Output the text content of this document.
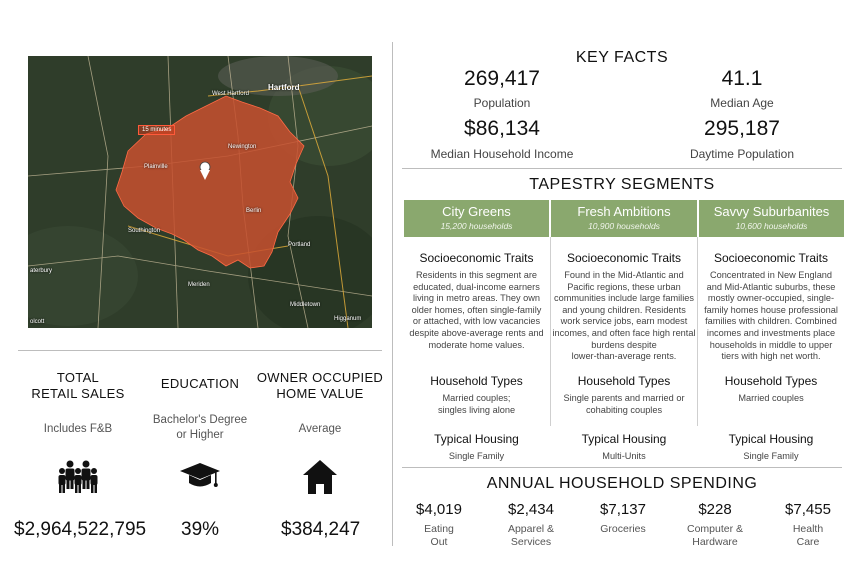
15 minutes
West Hartford
Hartford
Newington
Plainville
Southington
Berlin
Portland
Middletown
Meriden
aterbury
Higganum
olcott
TOTAL
RETAIL SALES
Includes F&B
EDUCATION
Bachelor's Degree
or Higher
OWNER OCCUPIED
HOME VALUE
Average
$2,964,522,795 39%	$384,247
KEY FACTS
269,417
Population
41.1
Median Age
$86,134
Median Household Income
295,187
Daytime Population
TAPESTRY SEGMENTS
City Greens
15,200 households
Fresh Ambitions
10,900 households
Savvy Suburbanites
10,600 households
Socioeconomic Traits
Residents in this segment are
educated, dual-income earners
living in metro areas. They own
older homes, often single-family
or attached, with low vacancies
despite above-average rents and
moderate home values.
Household Types
Married couples;
singles living alone
Typical Housing
Single Family
Socioeconomic Traits
Found in the Mid-Atlantic and
Pacific regions, these urban
communities include large families
and young children. Residents
work service jobs, earn modest
incomes, and often face high rental
burdens despite
lower-than-average rents.
Household Types
Single parents and married or
cohabiting couples
Typical Housing
Multi-Units
Socioeconomic Traits
Concentrated in New England
and Mid-Atlantic suburbs, these
mostly owner-occupied, single-
family homes house professional
families with children. Combined
incomes and investments place
households in middle to upper
tiers with high net worth.
Household Types
Married couples
Typical Housing
Single Family
ANNUAL HOUSEHOLD SPENDING
$4,019
Eating
Out
$2,434
Apparel &
Services
$7,137
Groceries
$228
Computer &
Hardware
$7,455
Health
Care
